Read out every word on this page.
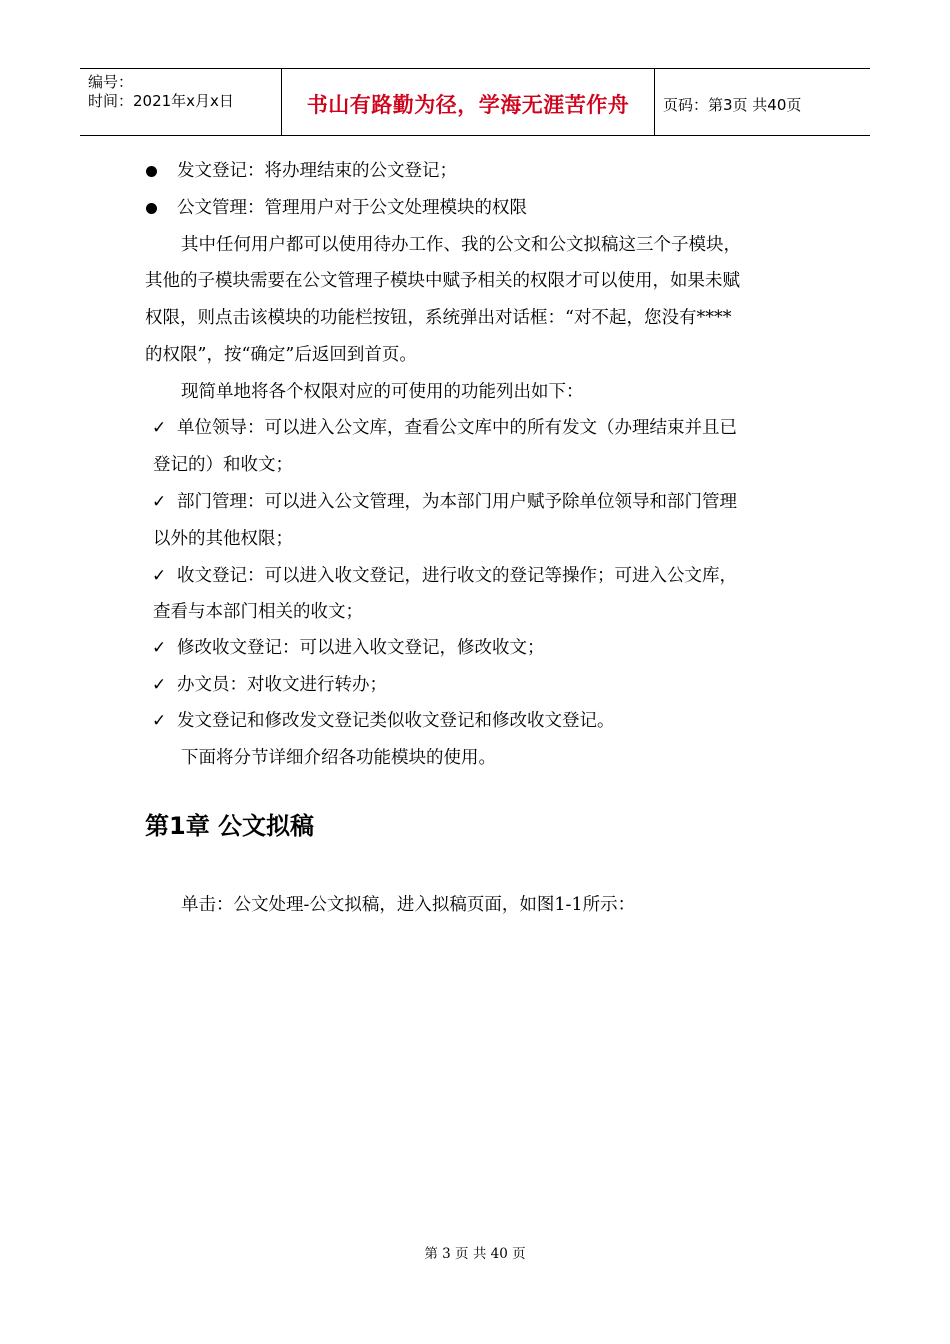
编号：
时间：2021年x月x日	书山有路勤为径，学海无涯苦作舟 页码：第3页 共40页
发文登记：将办理结束的公文登记；
公文管理：管理用户对于公文处理模块的权限
其中任何用户都可以使用待办工作、我的公文和公文拟稿这三个子模块，
其他的子模块需要在公文管理子模块中赋予相关的权限才可以使用，如果未赋
权限，则点击该模块的功能栏按钮，系统弹出对话框：“对不起，您没有****
的权限”，按“确定”后返回到首页。
现简单地将各个权限对应的可使用的功能列出如下：
✓ 单位领导：可以进入公文库，查看公文库中的所有发文（办理结束并且已
登记的）和收文；
✓ 部门管理：可以进入公文管理，为本部门用户赋予除单位领导和部门管理
以外的其他权限；
✓ 收文登记：可以进入收文登记，进行收文的登记等操作；可进入公文库，
查看与本部门相关的收文；
✓ 修改收文登记：可以进入收文登记，修改收文；
✓ 办文员：对收文进行转办；
✓ 发文登记和修改发文登记类似收文登记和修改收文登记。
下面将分节详细介绍各功能模块的使用。
第1章 公文拟稿
单击：公文处理-公文拟稿，进入拟稿页面，如图1-1所示：
第 3 页 共 40 页
